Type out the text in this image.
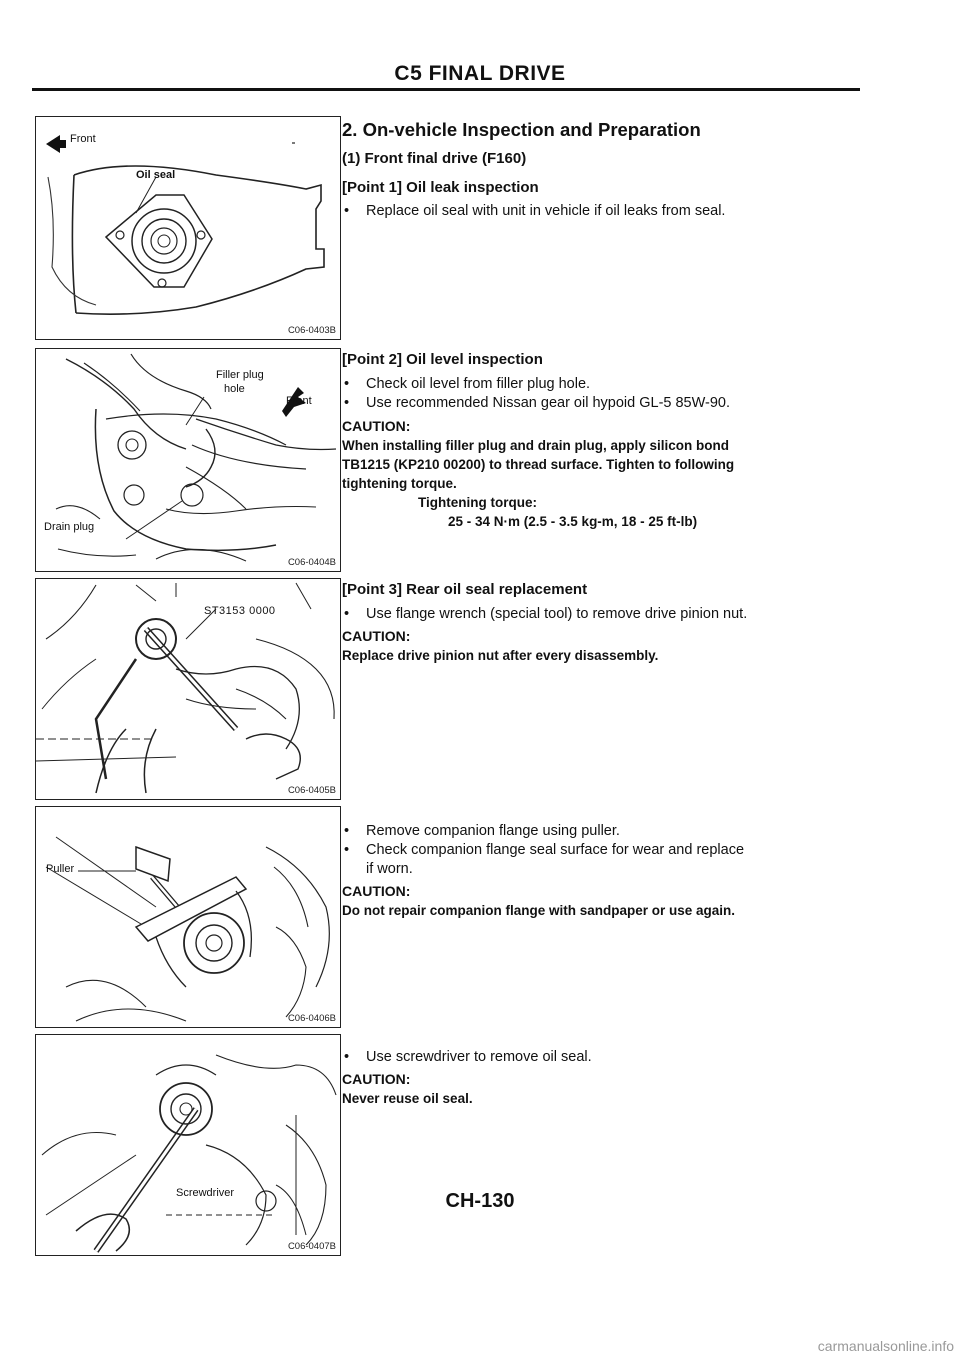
C5 FINAL DRIVE
Front
Oil seal
C06-0403B
Filler plug
hole
Front
Drain plug
C06-0404B
ST3153 0000
C06-0405B
Puller
C06-0406B
Screwdriver
C06-0407B
2. On-vehicle Inspection and Preparation
(1) Front final drive (F160)
[Point 1] Oil leak inspection
• Replace oil seal with unit in vehicle if oil leaks from seal.
[Point 2] Oil level inspection
• Check oil level from filler plug hole.
• Use recommended Nissan gear oil hypoid GL-5 85W-90.
CAUTION:
When installing filler plug and drain plug, apply silicon bond
TB1215 (KP210 00200) to thread surface. Tighten to following
tightening torque.
Tightening torque:
25 - 34 N·m (2.5 - 3.5 kg-m, 18 - 25 ft-lb)
[Point 3] Rear oil seal replacement
• Use flange wrench (special tool) to remove drive pinion nut.
CAUTION:
Replace drive pinion nut after every disassembly.
• Remove companion flange using puller.
• Check companion flange seal surface for wear and replace
if worn.
CAUTION:
Do not repair companion flange with sandpaper or use again.
• Use screwdriver to remove oil seal.
CAUTION:
Never reuse oil seal.
CH-130
carmanualsonline.info
